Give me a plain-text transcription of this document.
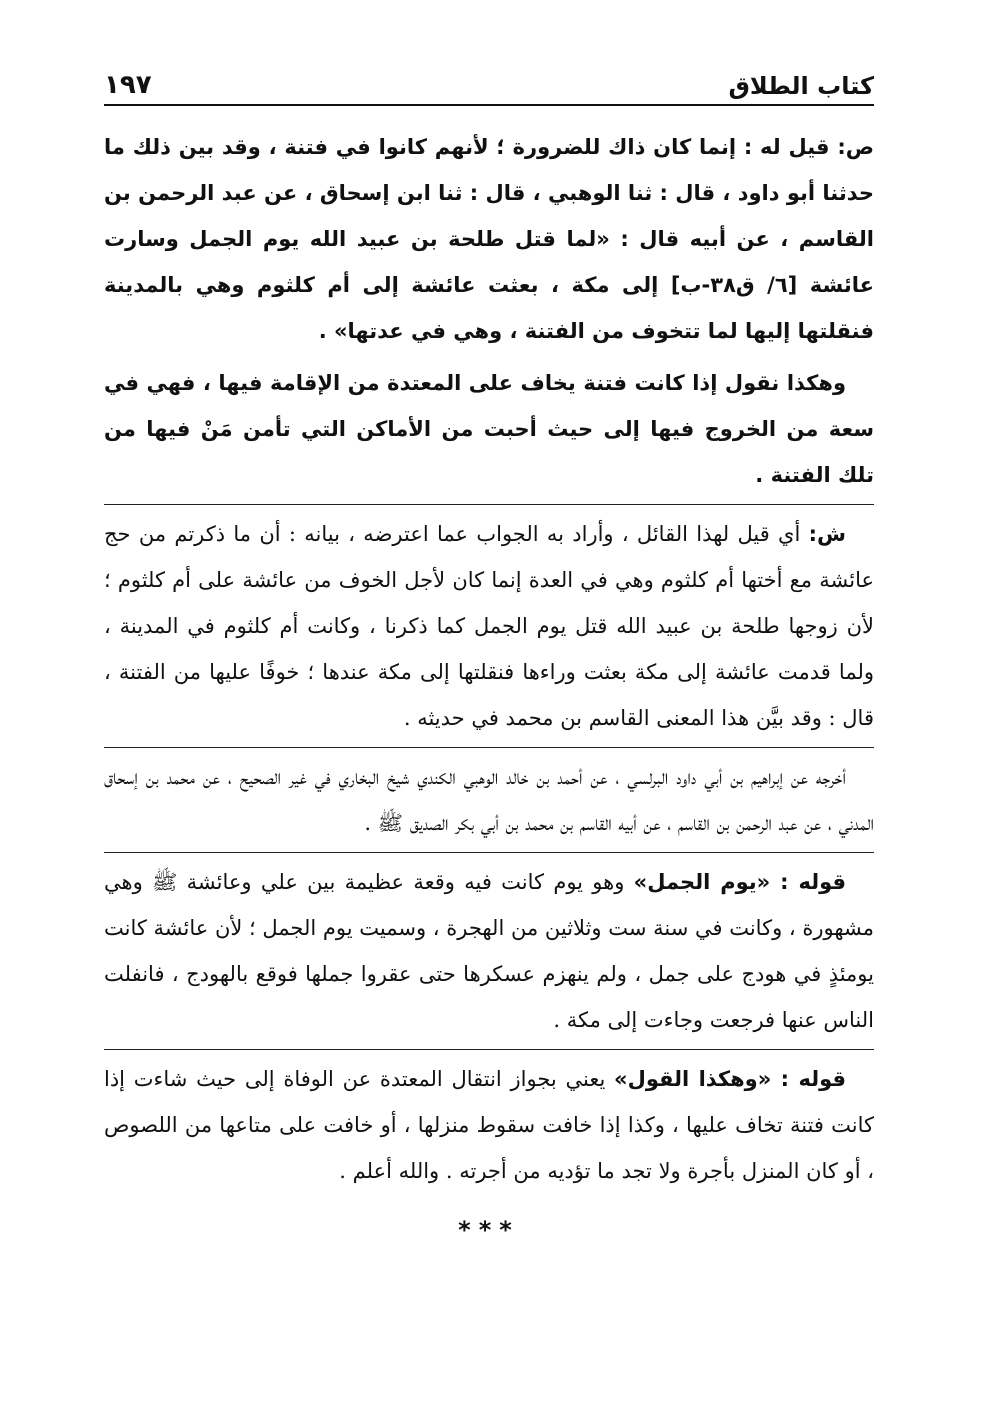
كتاب الطلاق
١٩٧

ص: قيل له : إنما كان ذاك للضرورة ؛ لأنهم كانوا في فتنة ، وقد بين ذلك ما حدثنا أبو داود ، قال : ثنا الوهبي ، قال : ثنا ابن إسحاق ، عن عبد الرحمن بن القاسم ، عن أبيه قال : «لما قتل طلحة بن عبيد الله يوم الجمل وسارت عائشة [٦/ ق٣٨-ب] إلى مكة ، بعثت عائشة إلى أم كلثوم وهي بالمدينة فنقلتها إليها لما تتخوف من الفتنة ، وهي في عدتها» .

وهكذا نقول إذا كانت فتنة يخاف على المعتدة من الإقامة فيها ، فهي في سعة من الخروج فيها إلى حيث أحبت من الأماكن التي تأمن مَنْ فيها من تلك الفتنة .

ش: أي قيل لهذا القائل ، وأراد به الجواب عما اعترضه ، بيانه : أن ما ذكرتم من حج عائشة مع أختها أم كلثوم وهي في العدة إنما كان لأجل الخوف من عائشة على أم كلثوم ؛ لأن زوجها طلحة بن عبيد الله قتل يوم الجمل كما ذكرنا ، وكانت أم كلثوم في المدينة ، ولما قدمت عائشة إلى مكة بعثت وراءها فنقلتها إلى مكة عندها ؛ خوفًا عليها من الفتنة ، قال : وقد بيَّن هذا المعنى القاسم بن محمد في حديثه .

أخرجه عن إبراهيم بن أبي داود البرلسي ، عن أحمد بن خالد الوهبي الكندي شيخ البخاري في غير الصحيح ، عن محمد بن إسحاق المدني ، عن عبد الرحمن بن القاسم ، عن أبيه القاسم بن محمد بن أبي بكر الصديق ﷺ .

قوله : «يوم الجمل» وهو يوم كانت فيه وقعة عظيمة بين علي وعائشة ﷺ وهي مشهورة ، وكانت في سنة ست وثلاثين من الهجرة ، وسميت يوم الجمل ؛ لأن عائشة كانت يومئذٍ في هودج على جمل ، ولم ينهزم عسكرها حتى عقروا جملها فوقع بالهودج ، فانفلت الناس عنها فرجعت وجاءت إلى مكة .

قوله : «وهكذا القول» يعني بجواز انتقال المعتدة عن الوفاة إلى حيث شاءت إذا كانت فتنة تخاف عليها ، وكذا إذا خافت سقوط منزلها ، أو خافت على متاعها من اللصوص ، أو كان المنزل بأجرة ولا تجد ما تؤديه من أجرته . والله أعلم .

***
